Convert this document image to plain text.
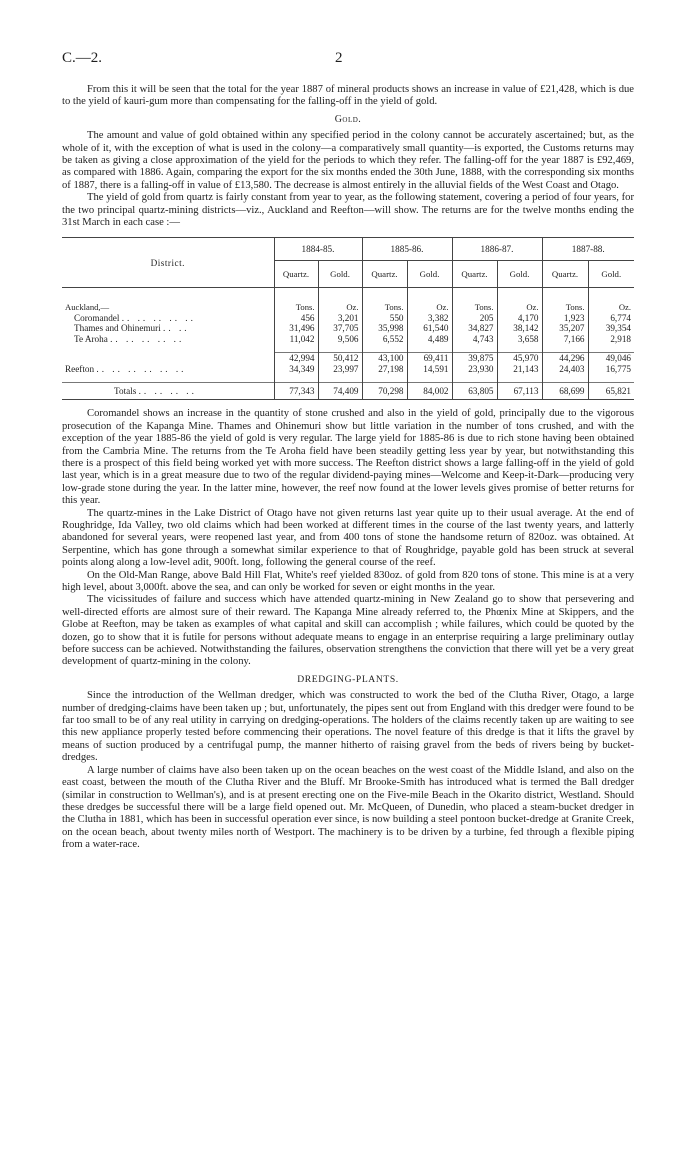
C.—2.	2

From this it will be seen that the total for the year 1887 of mineral products shows an increase in value of £21,428, which is due to the yield of kauri-gum more than compensating for the falling-off in the yield of gold.

Gold.

The amount and value of gold obtained within any specified period in the colony cannot be accurately ascertained; but, as the whole of it, with the exception of what is used in the colony—a comparatively small quantity—is exported, the Customs returns may be taken as giving a close approximation of the yield for the periods to which they refer. The falling-off for the year 1887 is £92,469, as compared with 1886. Again, comparing the export for the six months ended the 30th June, 1888, with the corresponding six months of 1887, there is a falling-off in value of £13,580. The decrease is almost entirely in the alluvial fields of the West Coast and Otago.

The yield of gold from quartz is fairly constant from year to year, as the following statement, covering a period of four years, for the two principal quartz-mining districts—viz., Auckland and Reefton—will show. The returns are for the twelve months ending the 31st March in each case :—

District.	1884-85.		1885-86.		1886-87.		1887-88.	
	Quartz.	Gold.	Quartz.	Gold.	Quartz.	Gold.	Quartz.	Gold.
Auckland,—	Tons.	Oz.	Tons.	Oz.	Tons.	Oz.	Tons.	Oz.
Coromandel .. .. .. .. ..	456	3,201	550	3,382	205	4,170	1,923	6,774
Thames and Ohinemuri .. ..	31,496	37,705	35,998	61,540	34,827	38,142	35,207	39,354
Te Aroha .. .. .. .. ..	11,042	9,506	6,552	4,489	4,743	3,658	7,166	2,918

	42,994	50,412	43,100	69,411	39,875	45,970	44,296	49,046
Reefton .. .. .. .. .. ..	34,349	23,997	27,198	14,591	23,930	21,143	24,403	16,775

Totals .. .. .. ..	77,343	74,409	70,298	84,002	63,805	67,113	68,699	65,821

Coromandel shows an increase in the quantity of stone crushed and also in the yield of gold, principally due to the vigorous prosecution of the Kapanga Mine. Thames and Ohinemuri show but little variation in the number of tons crushed, and with the exception of the year 1885-86 the yield of gold is very regular. The large yield for 1885-86 is due to rich stone having been obtained from the Cambria Mine. The returns from the Te Aroha field have been steadily getting less year by year, but notwithstanding this there is a prospect of this field being worked yet with more success. The Reefton district shows a large falling-off in the yield of gold last year, which is in a great measure due to two of the regular dividend-paying mines—Welcome and Keep-it-Dark—producing very low-grade stone during the year. In the latter mine, however, the reef now found at the lower levels gives promise of better returns for this year.

The quartz-mines in the Lake District of Otago have not given returns last year quite up to their usual average. At the end of Roughridge, Ida Valley, two old claims which had been worked at different times in the course of the last twenty years, and latterly abandoned for several years, were reopened last year, and from 400 tons of stone the handsome return of 820oz. was obtained. At Serpentine, which has gone through a somewhat similar experience to that of Roughridge, payable gold has been struck at several points along along a low-level adit, 900ft. long, following the general course of the reef.

On the Old-Man Range, above Bald Hill Flat, White's reef yielded 830oz. of gold from 820 tons of stone. This mine is at a very high level, about 3,000ft. above the sea, and can only be worked for seven or eight months in the year.

The vicissitudes of failure and success which have attended quartz-mining in New Zealand go to show that persevering and well-directed efforts are almost sure of their reward. The Kapanga Mine already referred to, the Phœnix Mine at Skippers, and the Globe at Reefton, may be taken as examples of what capital and skill can accomplish ; while failures, which could be quoted by the dozen, go to show that it is futile for persons without adequate means to engage in an enterprise requiring a large preliminary outlay before success can be achieved. Notwithstanding the failures, observation strengthens the conviction that there will yet be a very great development of quartz-mining in the colony.

DREDGING-PLANTS.

Since the introduction of the Wellman dredger, which was constructed to work the bed of the Clutha River, Otago, a large number of dredging-claims have been taken up ; but, unfortunately, the pipes sent out from England with this dredger were found to be far too small to be of any real utility in carrying on dredging-operations. The holders of the claims recently taken up are waiting to see this new appliance properly tested before commencing their operations. The novel feature of this dredge is that it lifts the gravel by means of suction produced by a centrifugal pump, the manner hitherto of raising gravel from the beds of rivers being by bucket-dredges.

A large number of claims have also been taken up on the ocean beaches on the west coast of the Middle Island, and also on the east coast, between the mouth of the Clutha River and the Bluff. Mr Brooke-Smith has introduced what is termed the Ball dredger (similar in construction to Wellman's), and is at present erecting one on the Five-mile Beach in the Okarito district, Westland. Should these dredges be successful there will be a large field opened out. Mr. McQueen, of Dunedin, who placed a steam-bucket dredger in the Clutha in 1881, which has been in successful operation ever since, is now building a steel pontoon bucket-dredge at Granite Creek, on the ocean beach, about twenty miles north of Westport. The machinery is to be driven by a turbine, fed through a flexible piping from a water-race.
